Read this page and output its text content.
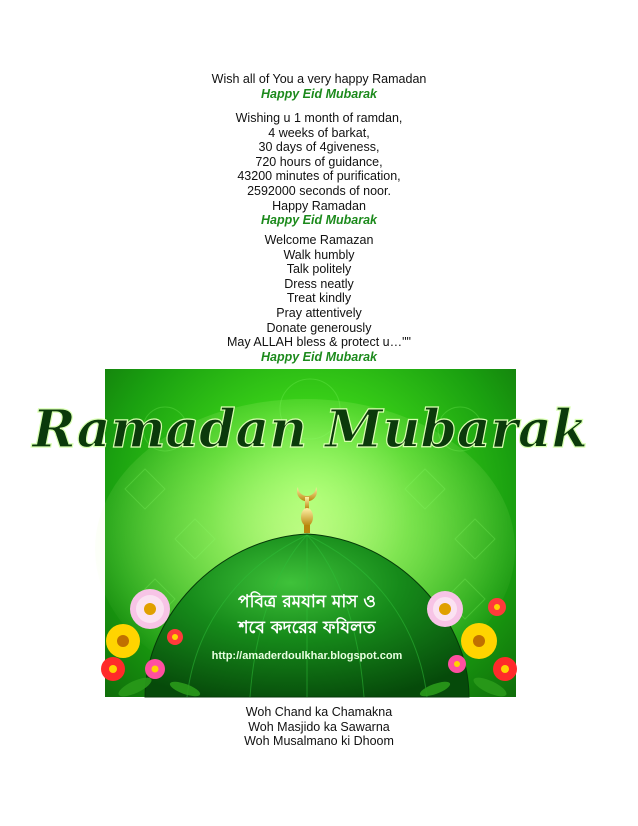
Wish all of You a very happy Ramadan
Happy Eid Mubarak
Wishing u 1 month of ramdan,
4 weeks of barkat,
30 days of 4giveness,
720 hours of guidance,
43200 minutes of purification,
2592000 seconds of noor.
Happy Ramadan
Happy Eid Mubarak
Welcome Ramazan
Walk humbly
Talk politely
Dress neatly
Treat kindly
Pray attentively
Donate generously
May ALLAH bless & protect u…""
Happy Eid Mubarak
Ramadan Mubarak
পবিত্র রমযান মাস ও
শবে কদরের ফযিলত
http://amaderdoulkhar.blogspot.com
Woh Chand ka Chamakna
Woh Masjido ka Sawarna
Woh Musalmano ki Dhoom
